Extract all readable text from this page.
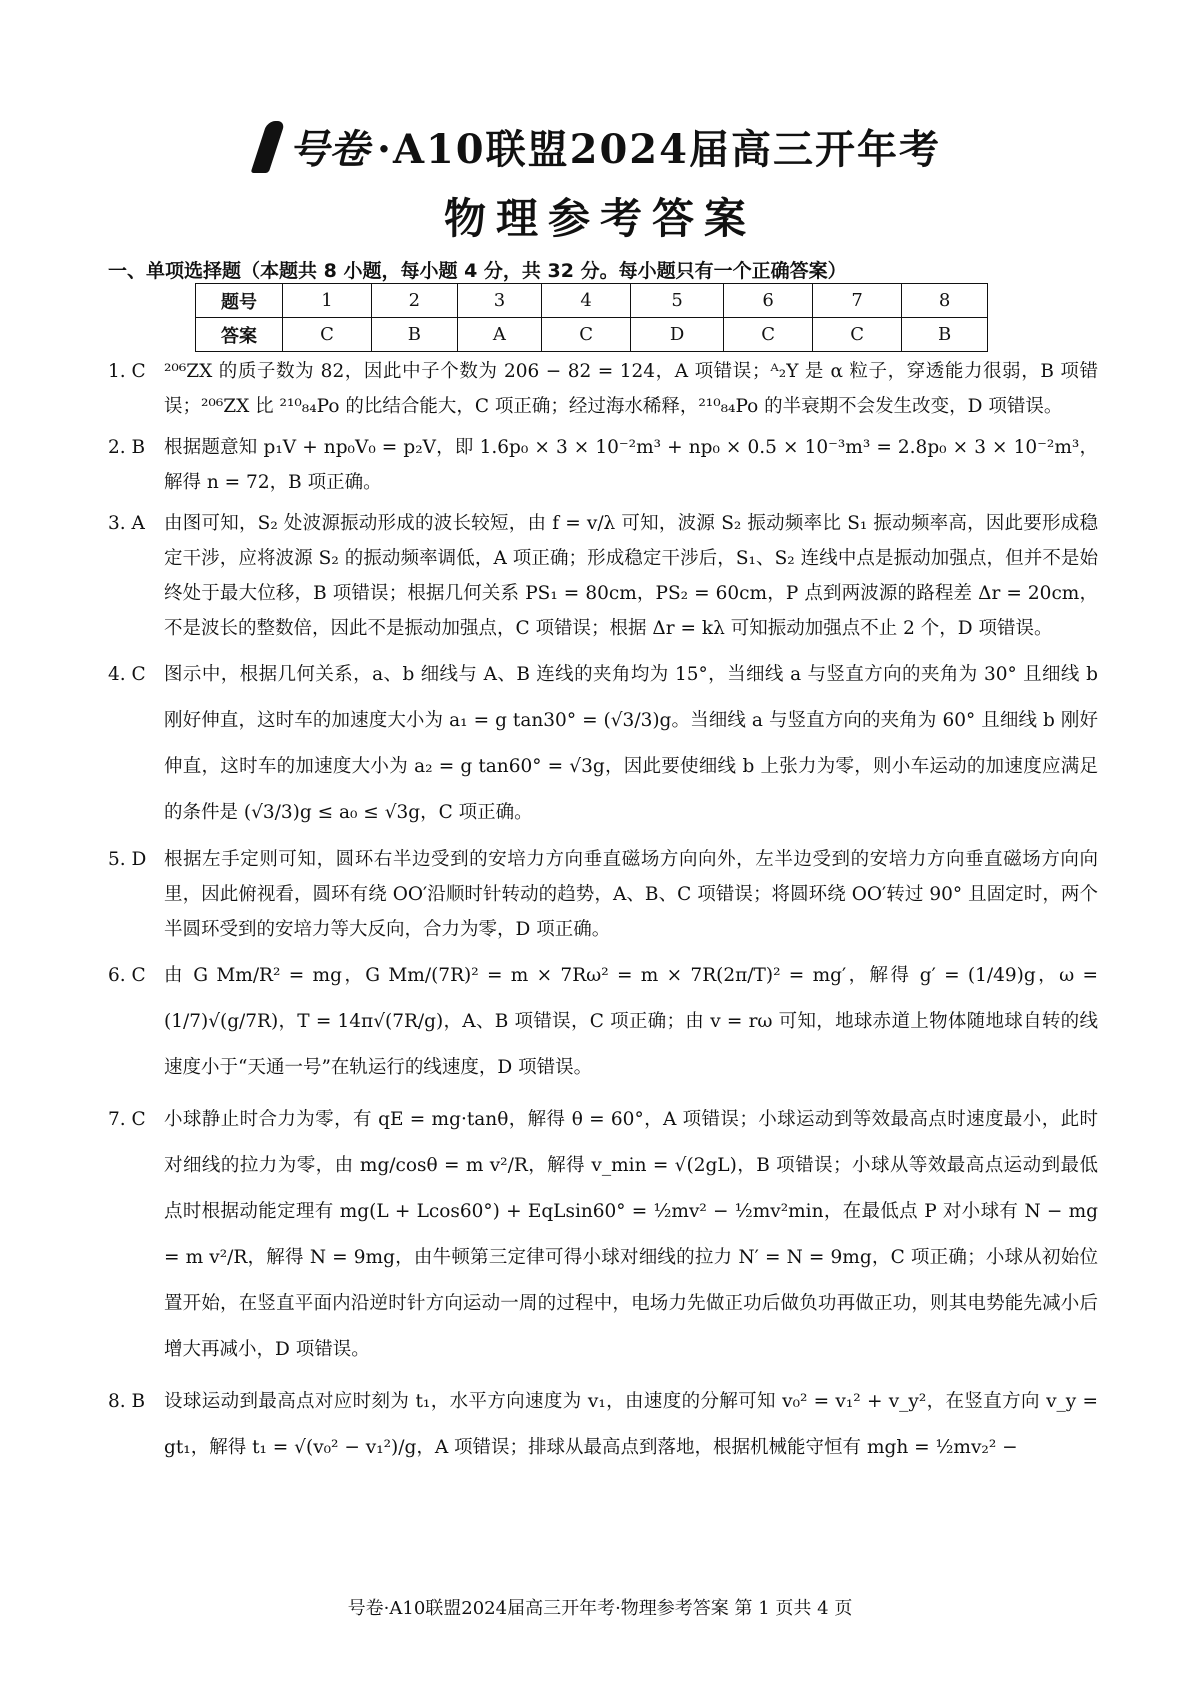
号卷 ·A10联盟2024届高三开年考
物理参考答案
一、单项选择题（本题共 8 小题，每小题 4 分，共 32 分。每小题只有一个正确答案）
题号	1	2	3	4	5	6	7	8
答案	C	B	A	C	D	C	C	B
1. C ²⁰⁶ZX 的质子数为 82，因此中子个数为 206 − 82 = 124，A 项错误；ᴬ₂Y 是 α 粒子，穿透能力很弱，B 项错误；²⁰⁶ZX 比 ²¹⁰₈₄Po 的比结合能大，C 项正确；经过海水稀释，²¹⁰₈₄Po 的半衰期不会发生改变，D 项错误。
2. B	根据题意知 p₁V + np₀V₀ = p₂V，即 1.6p₀ × 3 × 10⁻²m³ + np₀ × 0.5 × 10⁻³m³ = 2.8p₀ × 3 × 10⁻²m³，解得 n = 72，B 项正确。
3. A	由图可知，S₂ 处波源振动形成的波长较短，由 f = v/λ 可知，波源 S₂ 振动频率比 S₁ 振动频率高，因此要形成稳定干涉，应将波源 S₂ 的振动频率调低，A 项正确；形成稳定干涉后，S₁、S₂ 连线中点是振动加强点，但并不是始终处于最大位移，B 项错误；根据几何关系 PS₁ = 80cm，PS₂ = 60cm，P 点到两波源的路程差 Δr = 20cm，不是波长的整数倍，因此不是振动加强点，C 项错误；根据 Δr = kλ 可知振动加强点不止 2 个，D 项错误。
4. C 图示中，根据几何关系，a、b 细线与 A、B 连线的夹角均为 15°，当细线 a 与竖直方向的夹角为 30° 且细线 b 刚好伸直，这时车的加速度大小为 a₁ = g tan30° = (√3/3)g。当细线 a 与竖直方向的夹角为 60° 且细线 b 刚好伸直，这时车的加速度大小为 a₂ = g tan60° = √3g，因此要使细线 b 上张力为零，则小车运动的加速度应满足的条件是 (√3/3)g ≤ a₀ ≤ √3g，C 项正确。
5. D 根据左手定则可知，圆环右半边受到的安培力方向垂直磁场方向向外，左半边受到的安培力方向垂直磁场方向向里，因此俯视看，圆环有绕 OO′沿顺时针转动的趋势，A、B、C 项错误；将圆环绕 OO′转过 90° 且固定时，两个半圆环受到的安培力等大反向，合力为零，D 项正确。
6. C 由 G Mm/R² = mg，G Mm/(7R)² = m × 7Rω² = m × 7R(2π/T)² = mg′，解得 g′ = (1/49)g，ω = (1/7)√(g/7R)，T = 14π√(7R/g)，A、B 项错误，C 项正确；由 v = rω 可知，地球赤道上物体随地球自转的线速度小于“天通一号”在轨运行的线速度，D 项错误。
7. C 小球静止时合力为零，有 qE = mg·tanθ，解得 θ = 60°，A 项错误；小球运动到等效最高点时速度最小，此时对细线的拉力为零，由 mg/cosθ = m v²/R，解得 v_min = √(2gL)，B 项错误；小球从等效最高点运动到最低点时根据动能定理有 mg(L + Lcos60°) + EqLsin60° = ½mv² − ½mv²min，在最低点 P 对小球有 N − mg = m v²/R，解得 N = 9mg，由牛顿第三定律可得小球对细线的拉力 N′ = N = 9mg，C 项正确；小球从初始位置开始，在竖直平面内沿逆时针方向运动一周的过程中，电场力先做正功后做负功再做正功，则其电势能先减小后增大再减小，D 项错误。
8. B	设球运动到最高点对应时刻为 t₁，水平方向速度为 v₁，由速度的分解可知 v₀² = v₁² + v_y²，在竖直方向 v_y = gt₁，解得 t₁ = √(v₀² − v₁²)/g，A 项错误；排球从最高点到落地，根据机械能守恒有 mgh = ½mv₂² −
号卷·A10联盟2024届高三开年考·物理参考答案 第 1 页共 4 页
